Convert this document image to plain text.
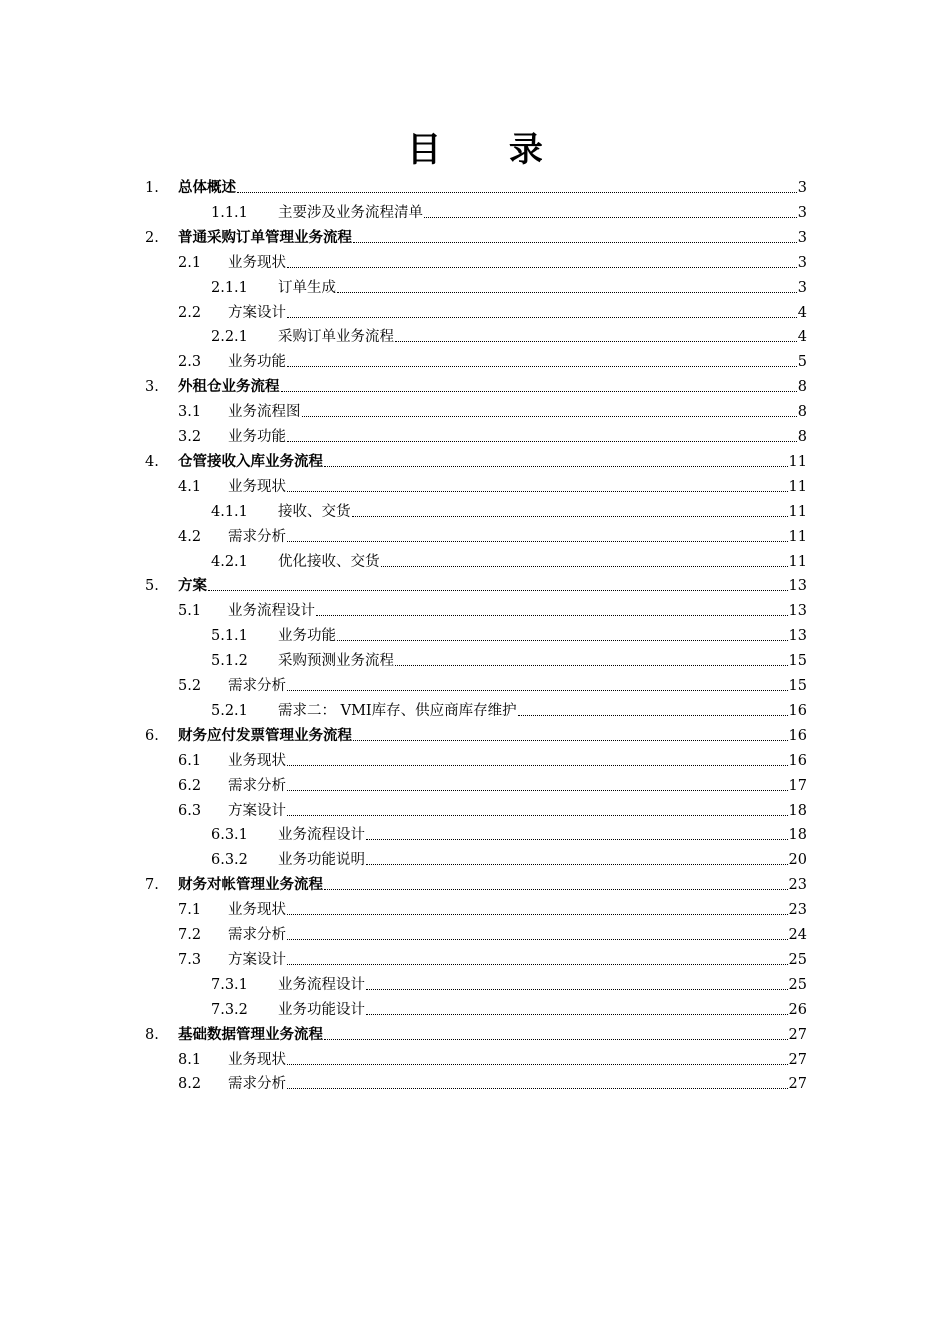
目 录
1.	总体概述	3
1.1.1	主要涉及业务流程清单	3
2.	普通采购订单管理业务流程	3
2.1	业务现状	3
2.1.1	订单生成	3
2.2	方案设计	4
2.2.1	采购订单业务流程	4
2.3	业务功能	5
3.	外租仓业务流程	8
3.1	业务流程图	8
3.2	业务功能	8
4.	仓管接收入库业务流程	11
4.1	业务现状	11
4.1.1	接收、交货	11
4.2	需求分析	11
4.2.1	优化接收、交货	11
5.	方案	13
5.1	业务流程设计	13
5.1.1	业务功能	13
5.1.2	采购预测业务流程	15
5.2	需求分析	15
5.2.1	需求二： VMI库存、供应商库存维护	16
6.	财务应付发票管理业务流程	16
6.1	业务现状	16
6.2	需求分析	17
6.3	方案设计	18
6.3.1	业务流程设计	18
6.3.2	业务功能说明	20
7.	财务对帐管理业务流程	23
7.1	业务现状	23
7.2	需求分析	24
7.3	方案设计	25
7.3.1	业务流程设计	25
7.3.2	业务功能设计	26
8.	基础数据管理业务流程	27
8.1	业务现状	27
8.2	需求分析	27
